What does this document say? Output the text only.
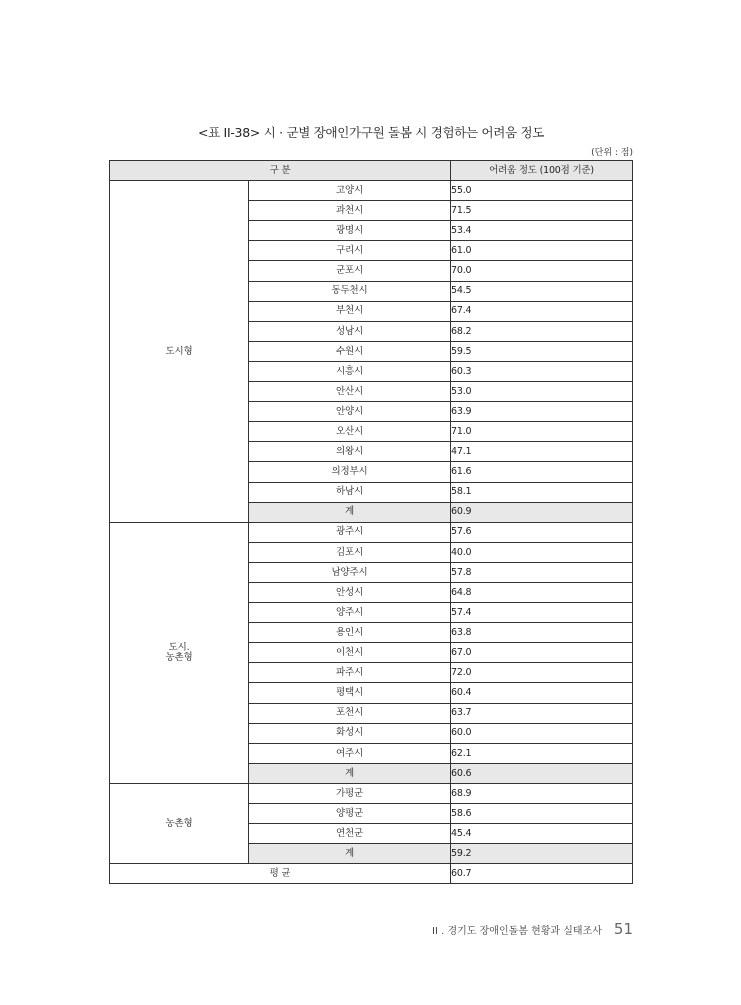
<표 II-38> 시 · 군별 장애인가구원 돌봄 시 경험하는 어려움 정도
(단위 : 점)
구 분		어려움 정도 (100점 기준)
도시형	고양시	55.0
	과천시	71.5
	광명시	53.4
	구리시	61.0
	군포시	70.0
	동두천시	54.5
	부천시	67.4
	성남시	68.2
	수원시	59.5
	시흥시	60.3
	안산시	53.0
	안양시	63.9
	오산시	71.0
	의왕시	47.1
	의정부시	61.6
	하남시	58.1
	계	60.9
도시.
농촌형	광주시	57.6
	김포시	40.0
	남양주시	57.8
	안성시	64.8
	양주시	57.4
	용인시	63.8
	이천시	67.0
	파주시	72.0
	평택시	60.4
	포천시	63.7
	화성시	60.0
	여주시	62.1
	계	60.6
농촌형	가평군	68.9
	양평군	58.6
	연천군	45.4
	계	59.2
평 균		60.7
II . 경기도 장애인돌봄 현황과 실태조사 51
